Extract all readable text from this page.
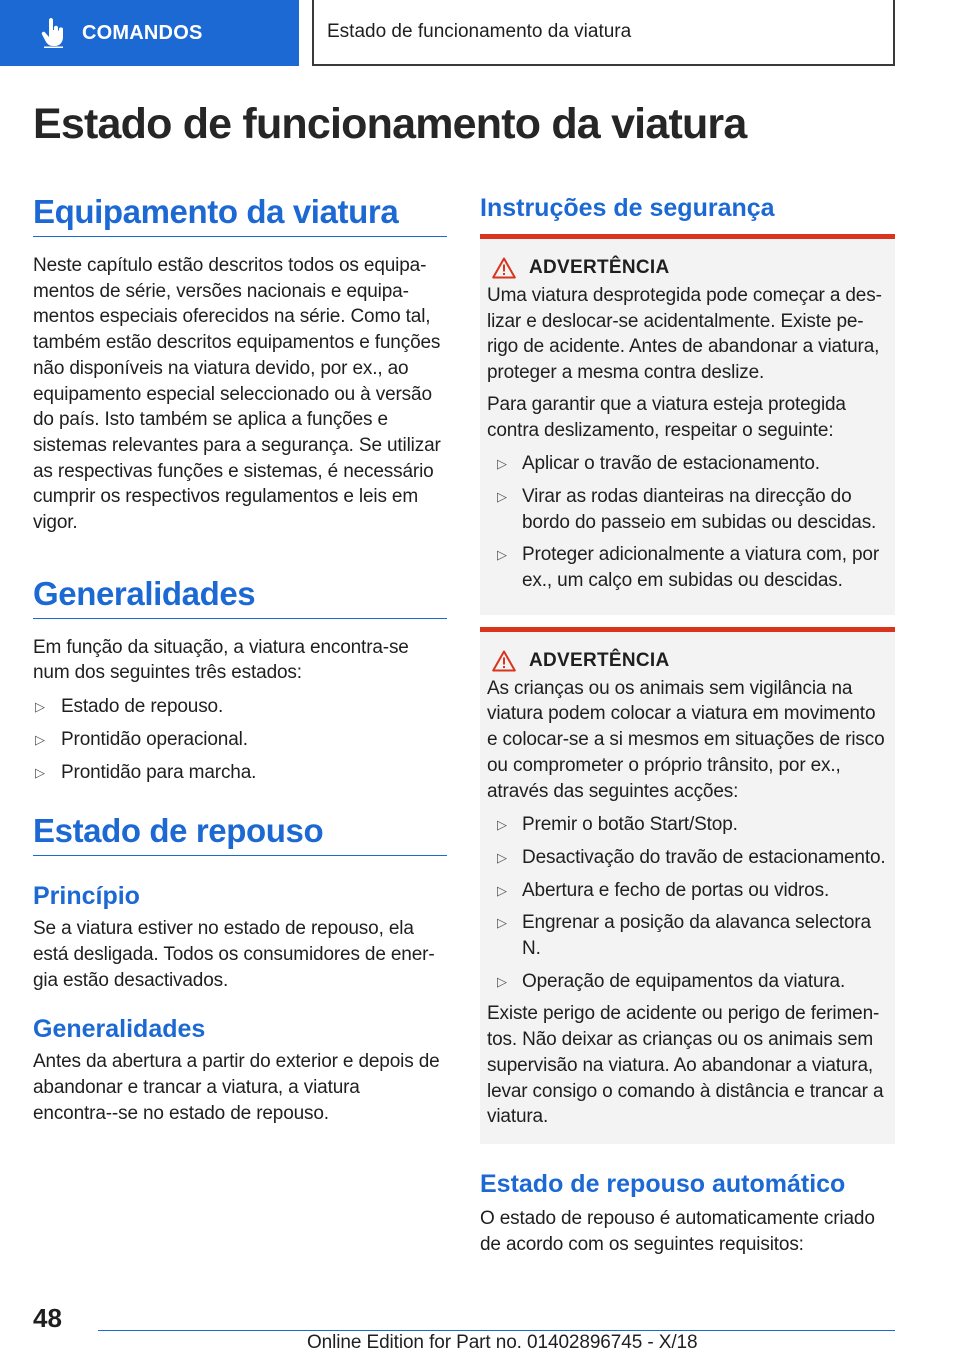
COMANDOS	Estado de funcionamento da viatura
Estado de funcionamento da viatura
Equipamento da viatura

Neste capítulo estão descritos todos os equipamentos de série, versões nacionais e equipamentos especiais oferecidos na série. Como tal, também estão descritos equipamentos e funções não disponíveis na viatura devido, por ex., ao equipamento especial seleccionado ou à versão do país. Isto também se aplica a funções e sistemas relevantes para a segurança. Se utilizar as respectivas funções e sistemas, é necessário cumprir os respectivos regulamentos e leis em vigor.

Generalidades

Em função da situação, a viatura encontra-se num dos seguintes três estados:

▷ Estado de repouso.
▷ Prontidão operacional.
▷ Prontidão para marcha.
Estado de repouso
Princípio

Se a viatura estiver no estado de repouso, ela está desligada. Todos os consumidores de energia estão desactivados.

Generalidades

Antes da abertura a partir do exterior e depois de abandonar e trancar a viatura, a viatura encontra--se no estado de repouso.

Instruções de segurança
ADVERTÊNCIA

Uma viatura desprotegida pode começar a deslizar e deslocar-se acidentalmente. Existe perigo de acidente. Antes de abandonar a viatura, proteger a mesma contra deslize.

Para garantir que a viatura esteja protegida contra deslizamento, respeitar o seguinte:

▷ Aplicar o travão de estacionamento.
▷ Virar as rodas dianteiras na direcção do bordo do passeio em subidas ou descidas.
▷ Proteger adicionalmente a viatura com, por ex., um calço em subidas ou descidas.
ADVERTÊNCIA

As crianças ou os animais sem vigilância na viatura podem colocar a viatura em movimento e colocar-se a si mesmos em situações de risco ou comprometer o próprio trânsito, por ex., através das seguintes acções:

▷ Premir o botão Start/Stop.
▷ Desactivação do travão de estacionamento.
▷ Abertura e fecho de portas ou vidros.
▷ Engrenar a posição da alavanca selectora N.
▷ Operação de equipamentos da viatura.

Existe perigo de acidente ou perigo de ferimentos. Não deixar as crianças ou os animais sem supervisão na viatura. Ao abandonar a viatura, levar consigo o comando à distância e trancar a viatura.

Estado de repouso automático

O estado de repouso é automaticamente criado de acordo com os seguintes requisitos:

48
Online Edition for Part no. 01402896745 - X/18
